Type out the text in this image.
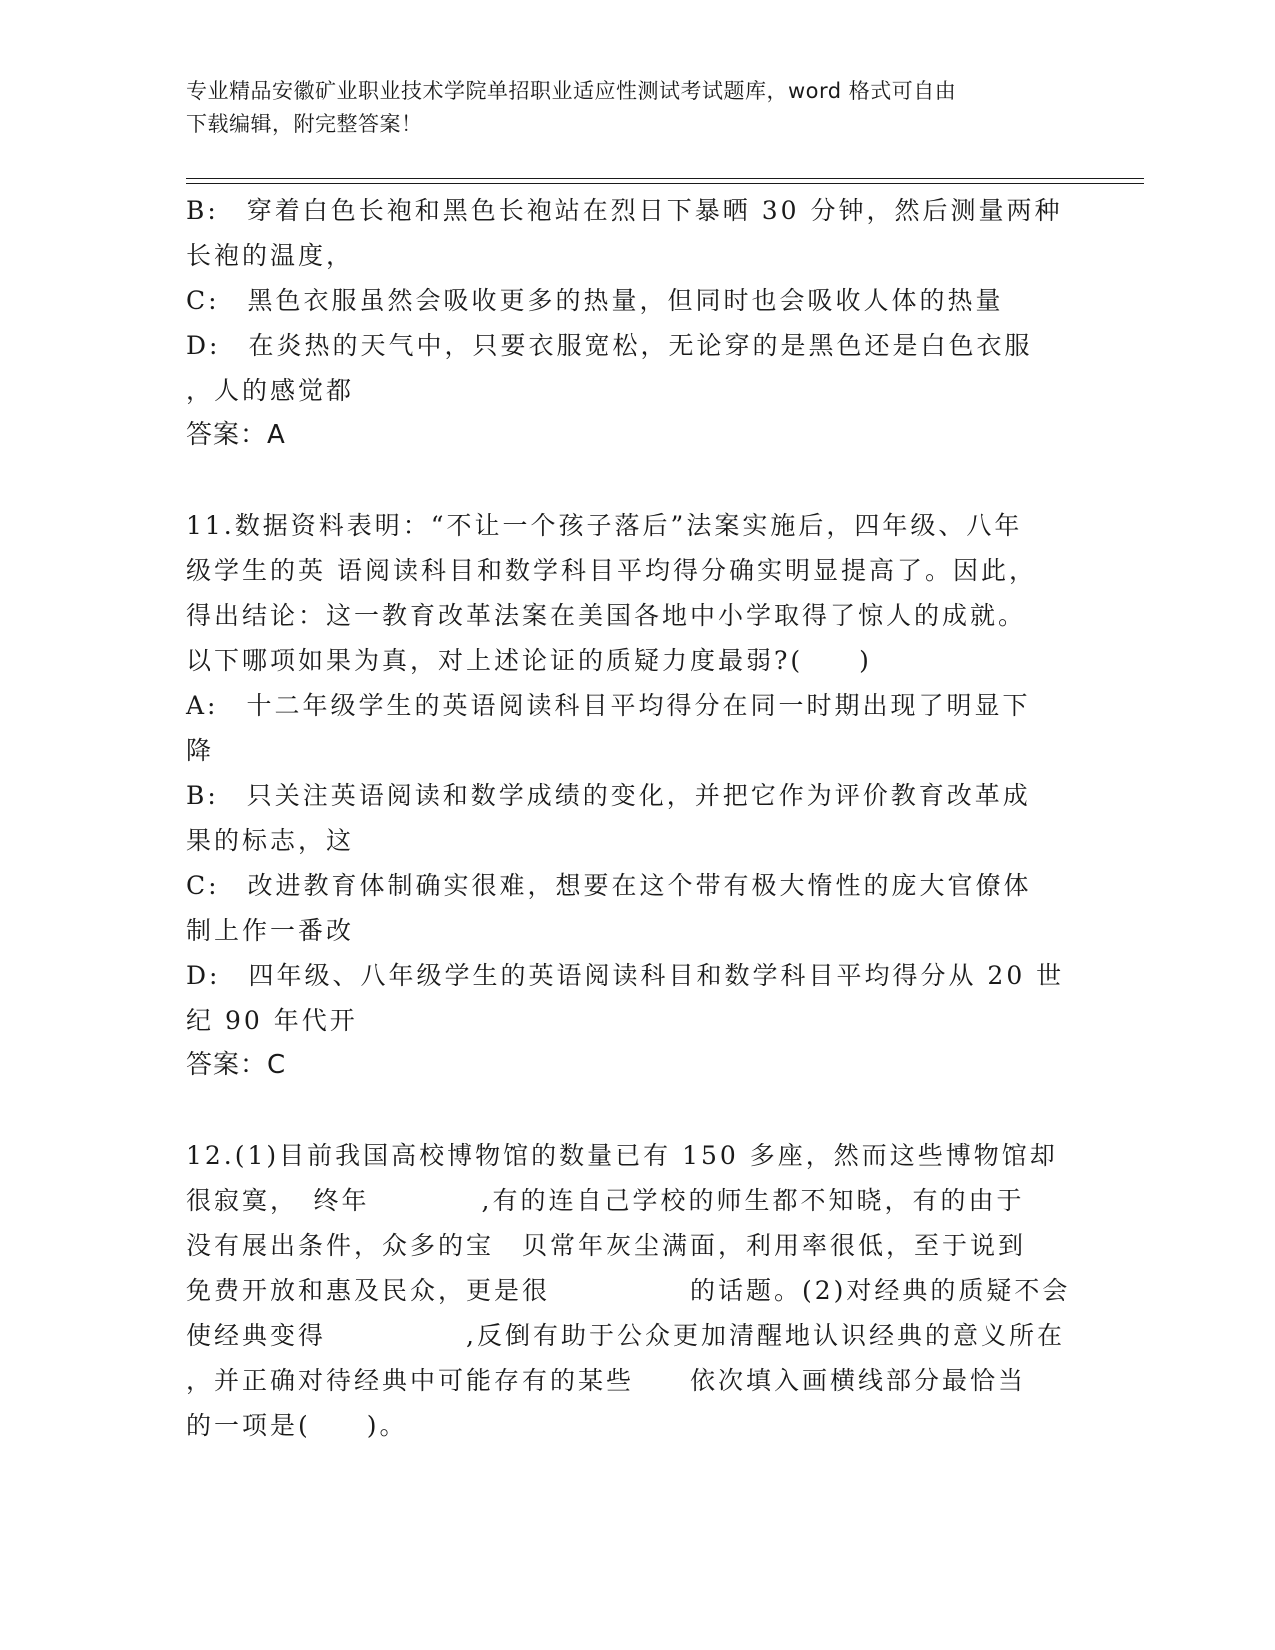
专业精品安徽矿业职业技术学院单招职业适应性测试考试题库，word 格式可自由
下载编辑，附完整答案！

B:　穿着白色长袍和黑色长袍站在烈日下暴晒 30 分钟，然后测量两种

长袍的温度，

C:　黑色衣服虽然会吸收更多的热量，但同时也会吸收人体的热量

D:　在炎热的天气中，只要衣服宽松，无论穿的是黑色还是白色衣服

，人的感觉都

答案：A

11.数据资料表明：“不让一个孩子落后”法案实施后，四年级、八年

级学生的英 语阅读科目和数学科目平均得分确实明显提高了。因此，

得出结论：这一教育改革法案在美国各地中小学取得了惊人的成就。

以下哪项如果为真，对上述论证的质疑力度最弱?(　　)

A:　十二年级学生的英语阅读科目平均得分在同一时期出现了明显下

降

B:　只关注英语阅读和数学成绩的变化，并把它作为评价教育改革成

果的标志，这

C:　改进教育体制确实很难，想要在这个带有极大惰性的庞大官僚体

制上作一番改

D:　四年级、八年级学生的英语阅读科目和数学科目平均得分从 20 世

纪 90 年代开

答案：C

12.(1)目前我国高校博物馆的数量已有 150 多座，然而这些博物馆却

很寂寞，　终年　　　　,有的连自己学校的师生都不知晓，有的由于

没有展出条件，众多的宝　贝常年灰尘满面，利用率很低，至于说到

免费开放和惠及民众，更是很　　　　　的话题。(2)对经典的质疑不会

使经典变得　　　　　,反倒有助于公众更加清醒地认识经典的意义所在

，并正确对待经典中可能存有的某些　　依次填入画横线部分最恰当

的一项是(　　)。
